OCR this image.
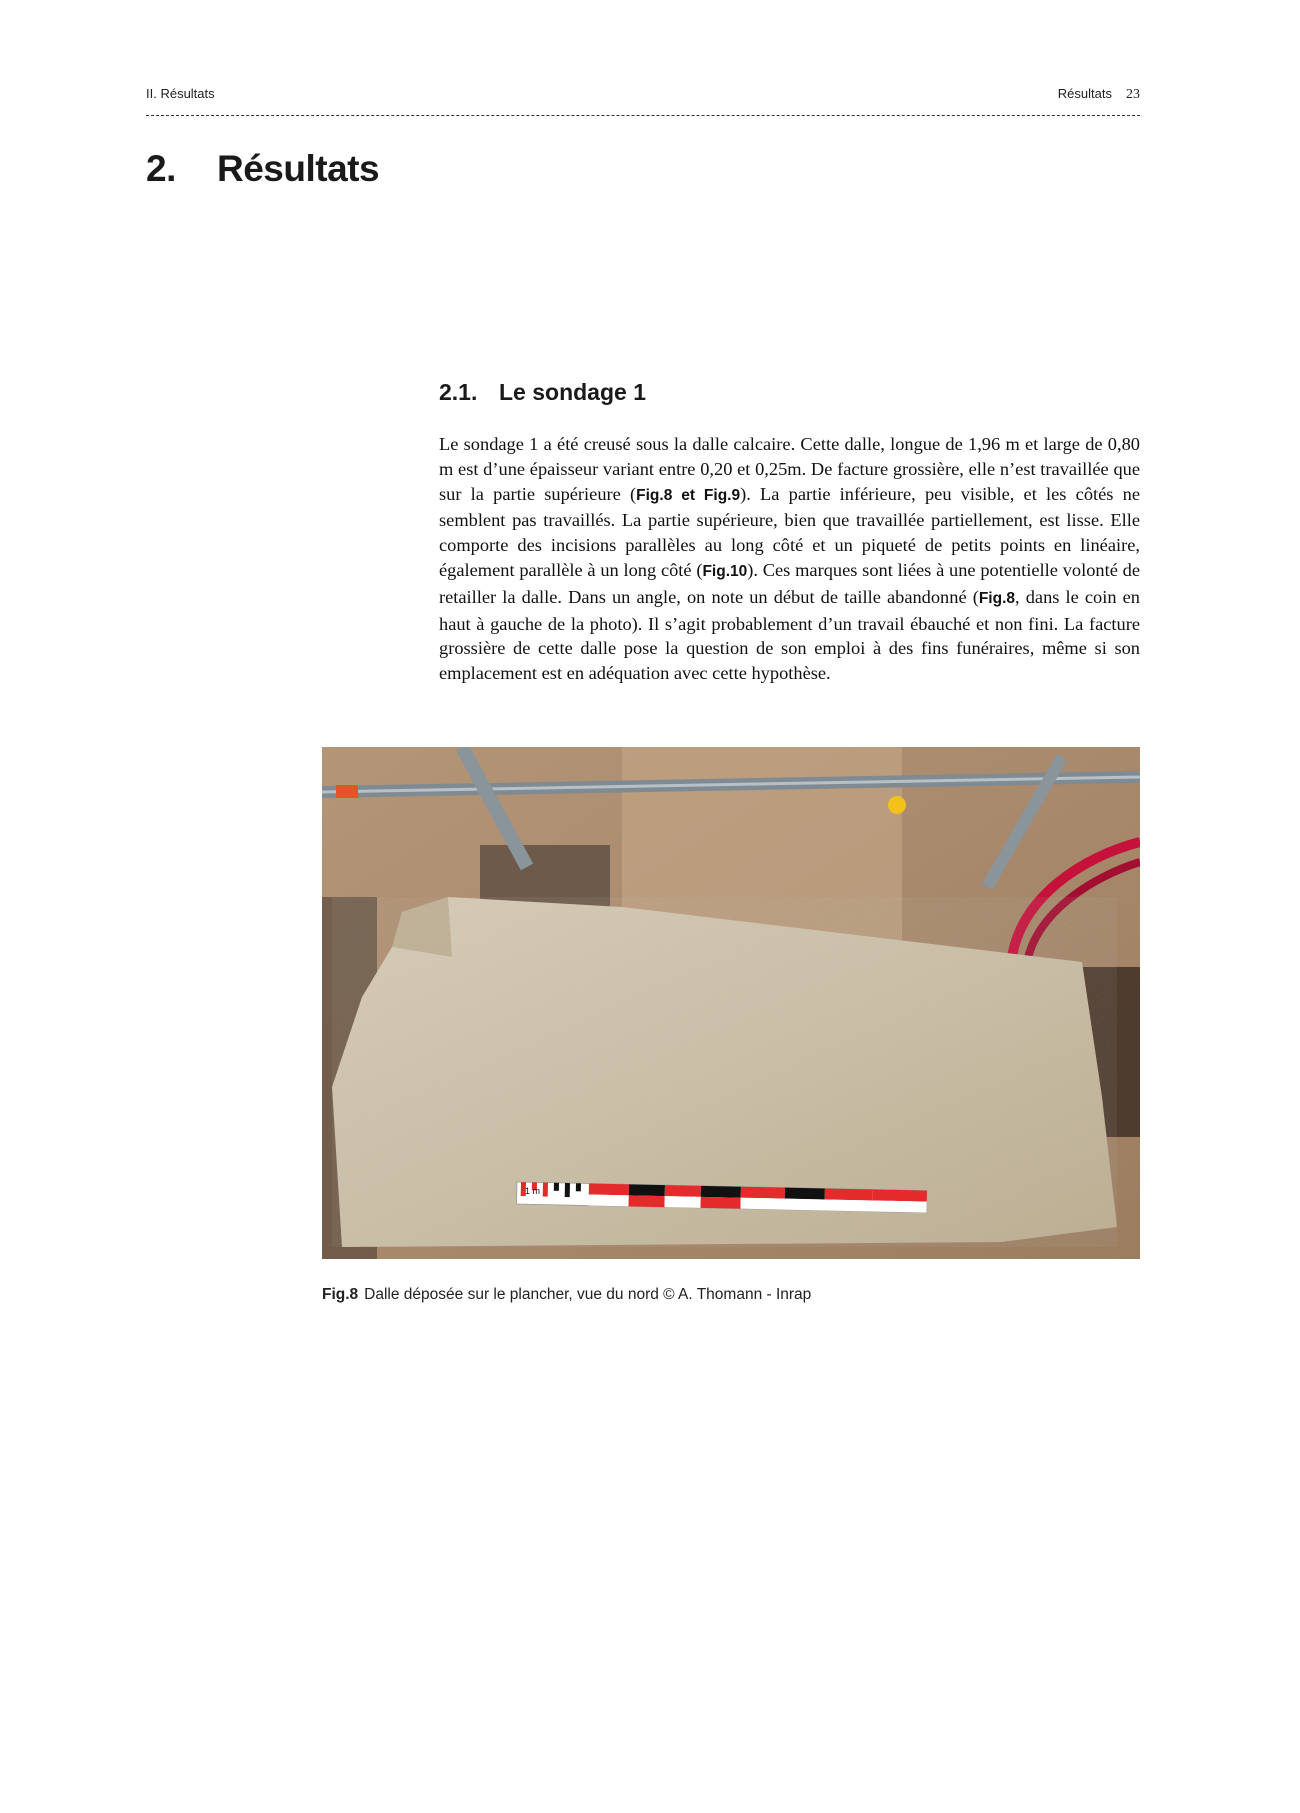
II. Résultats	Résultats 23
2. Résultats
2.1. Le sondage 1

Le sondage 1 a été creusé sous la dalle calcaire. Cette dalle, longue de 1,96 m et large de 0,80 m est d’une épaisseur variant entre 0,20 et 0,25m. De facture grossière, elle n’est travaillée que sur la partie supérieure (Fig.8 et Fig.9). La partie inférieure, peu visible, et les côtés ne semblent pas travaillés. La partie supérieure, bien que travaillée partiellement, est lisse. Elle comporte des incisions parallèles au long côté et un piqueté de petits points en linéaire, également parallèle à un long côté (Fig.10). Ces marques sont liées à une potentielle volonté de retailler la dalle. Dans un angle, on note un début de taille abandonné (Fig.8, dans le coin en haut à gauche de la photo). Il s’agit probablement d’un travail ébauché et non fini. La facture grossière de cette dalle pose la question de son emploi à des fins funéraires, même si son emplacement est en adéquation avec cette hypothèse.

1 m
Fig.8 Dalle déposée sur le plancher, vue du nord © A. Thomann - Inrap
